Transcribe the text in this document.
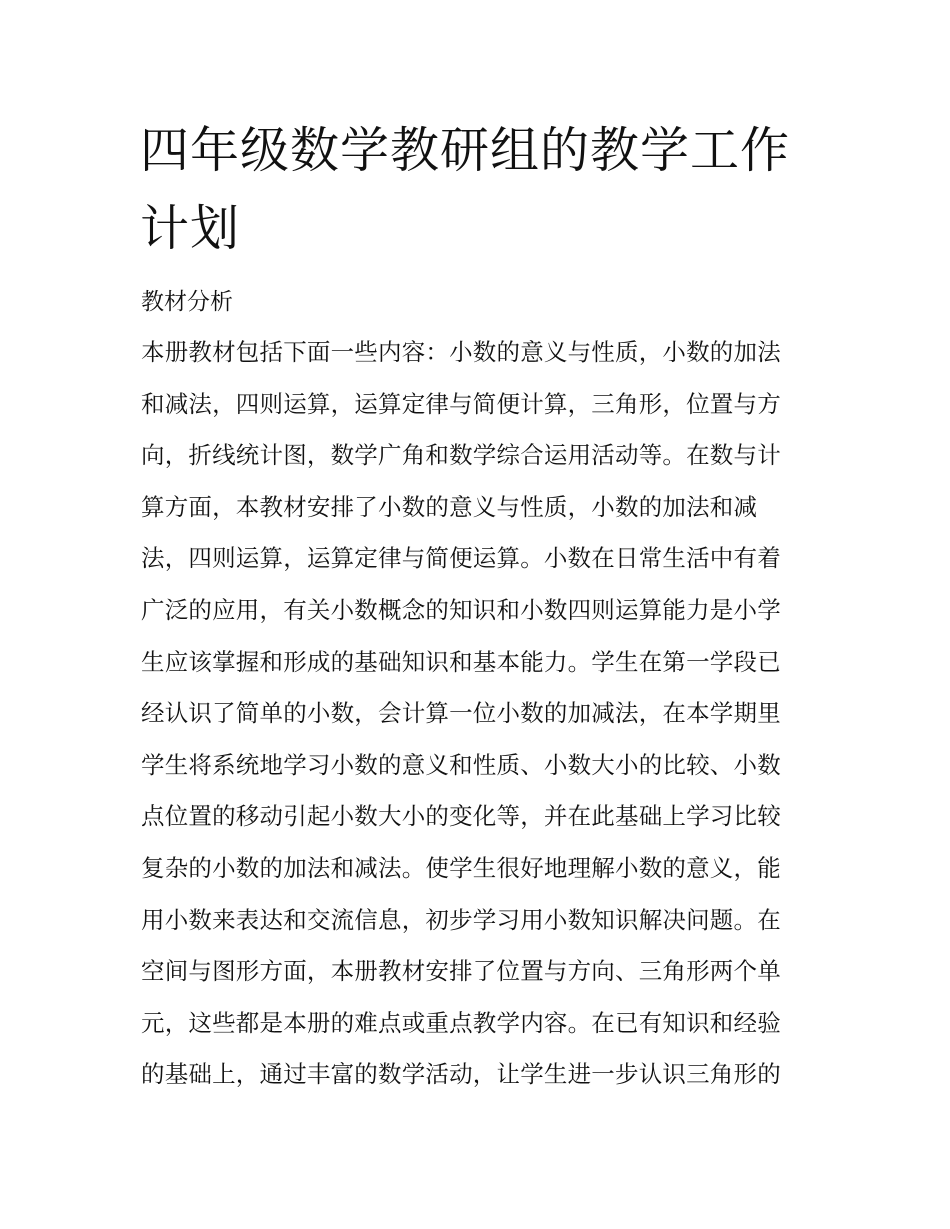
四年级数学教研组的教学工作计划
教材分析
本册教材包括下面一些内容：小数的意义与性质，小数的加法
和减法，四则运算，运算定律与简便计算，三角形，位置与方
向，折线统计图，数学广角和数学综合运用活动等。在数与计
算方面，本教材安排了小数的意义与性质，小数的加法和减
法，四则运算，运算定律与简便运算。小数在日常生活中有着
广泛的应用，有关小数概念的知识和小数四则运算能力是小学
生应该掌握和形成的基础知识和基本能力。学生在第一学段已
经认识了简单的小数，会计算一位小数的加减法，在本学期里
学生将系统地学习小数的意义和性质、小数大小的比较、小数
点位置的移动引起小数大小的变化等，并在此基础上学习比较
复杂的小数的加法和减法。使学生很好地理解小数的意义，能
用小数来表达和交流信息，初步学习用小数知识解决问题。在
空间与图形方面，本册教材安排了位置与方向、三角形两个单
元，这些都是本册的难点或重点教学内容。在已有知识和经验
的基础上，通过丰富的数学活动，让学生进一步认识三角形的
